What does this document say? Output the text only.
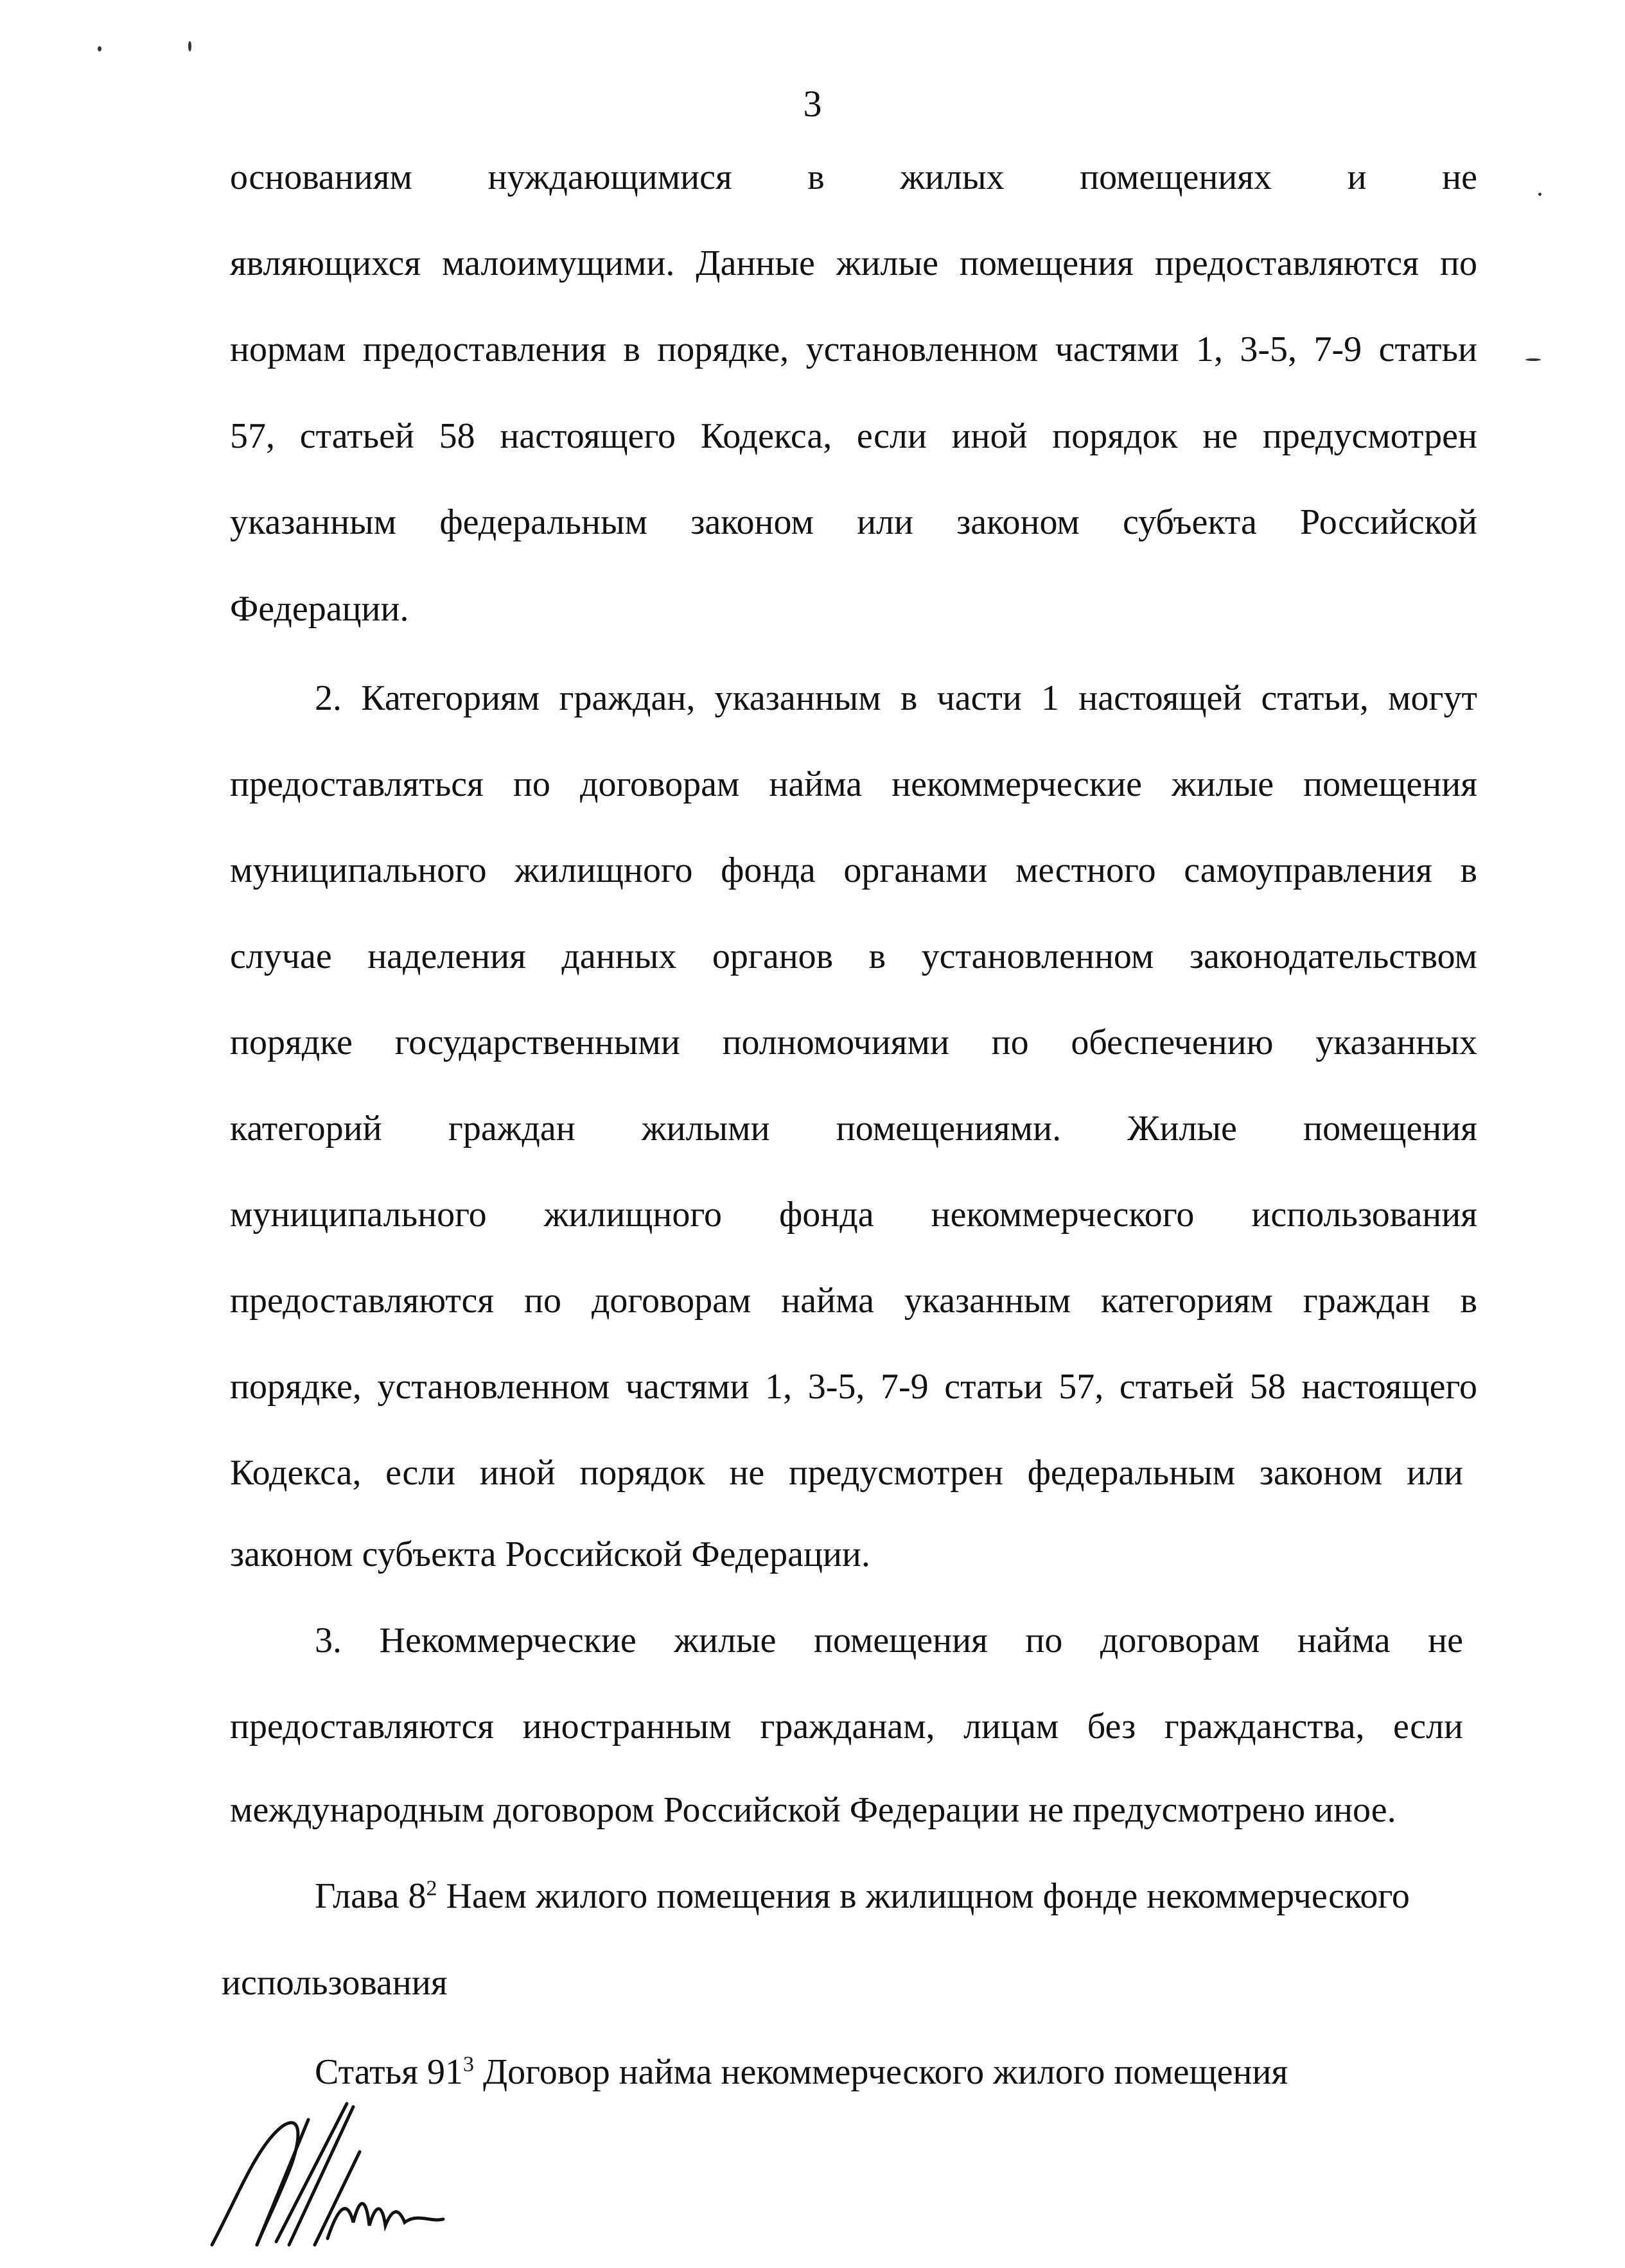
3
основаниям нуждающимися в жилых помещениях и не
являющихся малоимущими. Данные жилые помещения предоставляются по
нормам предоставления в порядке, установленном частями 1, 3-5, 7-9 статьи
57, статьей 58 настоящего Кодекса, если иной порядок не предусмотрен
указанным федеральным законом или законом субъекта Российской
Федерации.
2. Категориям граждан, указанным в части 1 настоящей статьи, могут
предоставляться по договорам найма некоммерческие жилые помещения
муниципального жилищного фонда органами местного самоуправления в
случае наделения данных органов в установленном законодательством
порядке государственными полномочиями по обеспечению указанных
категорий граждан жилыми помещениями. Жилые помещения
муниципального жилищного фонда некоммерческого использования
предоставляются по договорам найма указанным категориям граждан в
порядке, установленном частями 1, 3-5, 7-9 статьи 57, статьей 58 настоящего
Кодекса, если иной порядок не предусмотрен федеральным законом или
законом субъекта Российской Федерации.
3. Некоммерческие жилые помещения по договорам найма не
предоставляются иностранным гражданам, лицам без гражданства, если
международным договором Российской Федерации не предусмотрено иное.
Глава $8^2$ Наем жилого помещения в жилищном фонде некоммерческого
использования
Статья $91^3$ Договор найма некоммерческого жилого помещения
